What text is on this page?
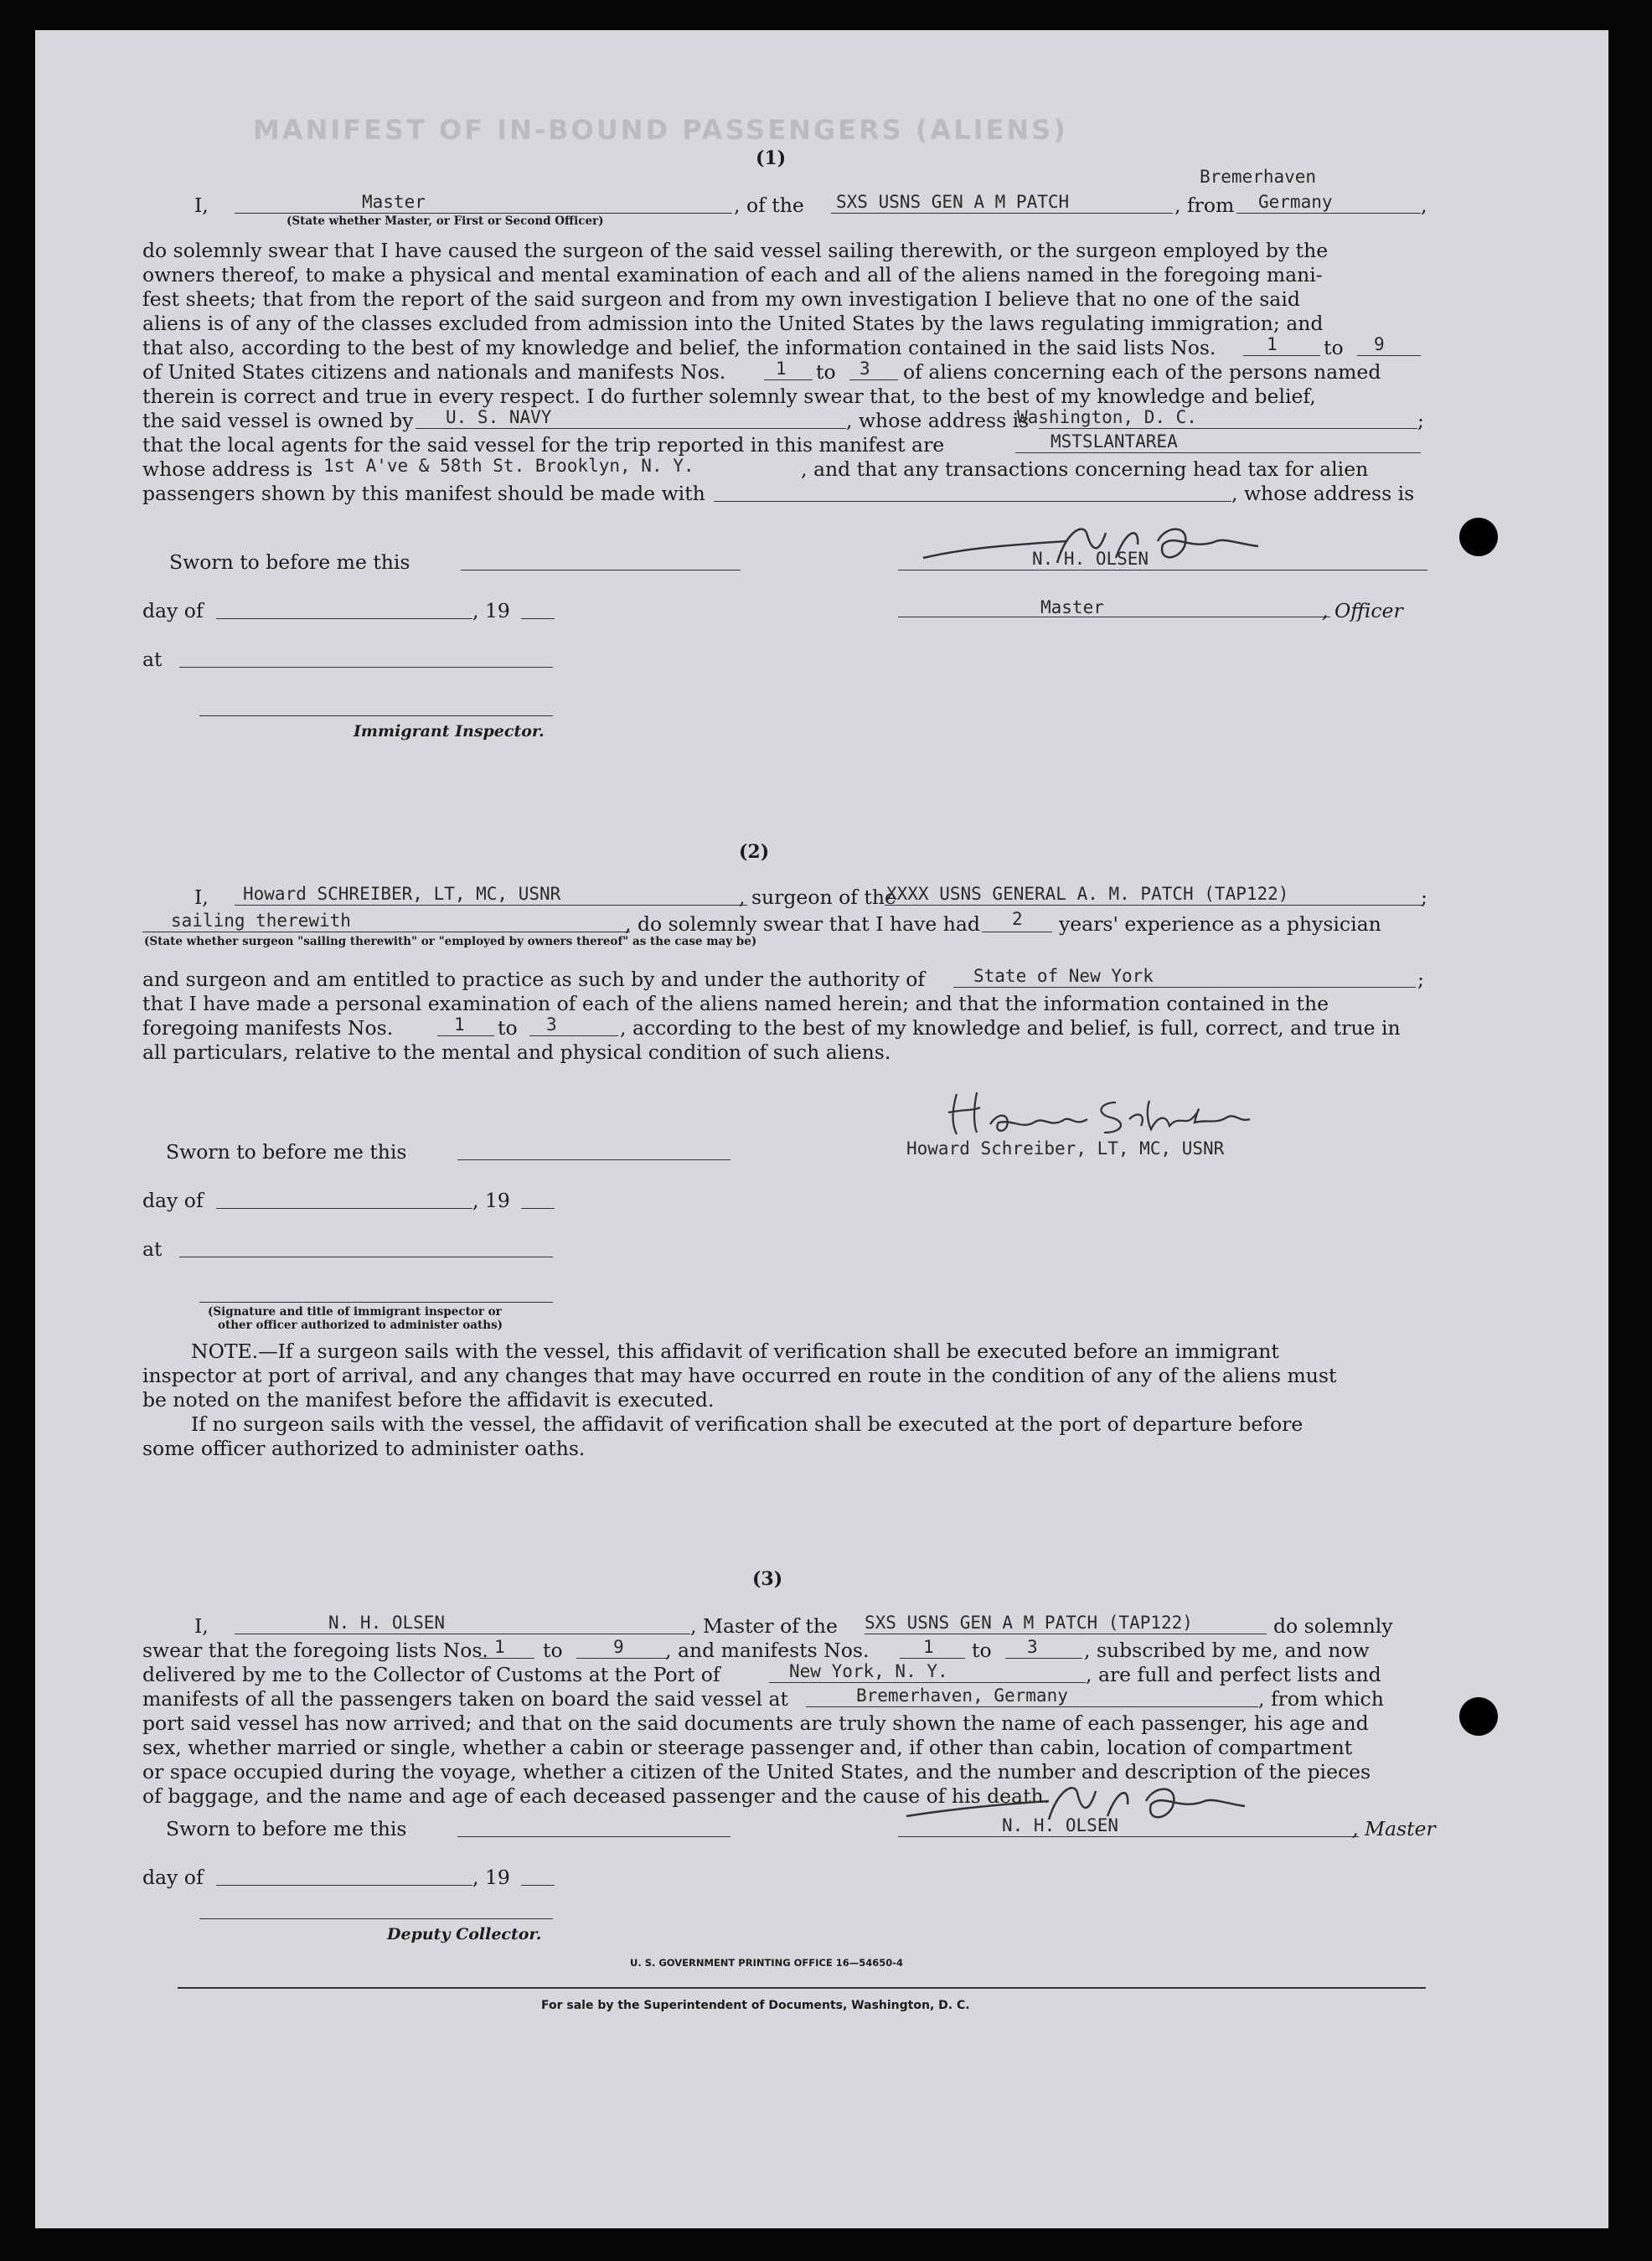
MANIFEST OF IN-BOUND PASSENGERS (ALIENS)
(1)
I,	Master	, of the SXS USNS GEN A M PATCH	, from
Bremerhaven
Germany	,
(State whether Master, or First or Second Officer)
do solemnly swear that I have caused the surgeon of the said vessel sailing therewith, or the surgeon employed by the
owners thereof, to make a physical and mental examination of each and all of the aliens named in the foregoing mani-
fest sheets; that from the report of the said surgeon and from my own investigation I believe that no one of the said
aliens is of any of the classes excluded from admission into the United States by the laws regulating immigration; and
that also, according to the best of my knowledge and belief, the information contained in the said lists Nos.	1 to 9
of United States citizens and nationals and manifests Nos.	1 to 3 of aliens concerning each of the persons named
therein is correct and true in every respect. I do further solemnly swear that, to the best of my knowledge and belief,
the said vessel is owned by U. S. NAVY	, whose address is
Washington, D. C.	;
that the local agents for the said vessel for the trip reported in this manifest are	MSTSLANTAREA
whose address is 1st A've & 58th St. Brooklyn, N. Y.	, and that any transactions concerning head tax for alien
passengers shown by this manifest should be made with	, whose address is
Sworn to before me this	N. H. OLSEN
day of	, 19	Master	, Officer
at
Immigrant Inspector.
(2)
I, Howard SCHREIBER, LT, MC, USNR	, surgeon of the
XXXX USNS GENERAL A. M. PATCH (TAP122)	;
sailing therewith	, do solemnly swear that I have had 2 years' experience as a physician
(State whether surgeon "sailing therewith" or "employed by owners thereof" as the case may be)
and surgeon and am entitled to practice as such by and under the authority of	State of New York	;
that I have made a personal examination of each of the aliens named herein; and that the information contained in the
foregoing manifests Nos.	1 to 3	, according to the best of my knowledge and belief, is full, correct, and true in
all particulars, relative to the mental and physical condition of such aliens.
Sworn to before me this	Howard Schreiber, LT, MC, USNR
day of	, 19
at
(Signature and title of immigrant inspector or
other officer authorized to administer oaths)
NOTE.—If a surgeon sails with the vessel, this affidavit of verification shall be executed before an immigrant
inspector at port of arrival, and any changes that may have occurred en route in the condition of any of the aliens must
be noted on the manifest before the affidavit is executed.
If no surgeon sails with the vessel, the affidavit of verification shall be executed at the port of departure before
some officer authorized to administer oaths.
(3)
I,	N. H. OLSEN	, Master of the SXS USNS GEN A M PATCH (TAP122)	do solemnly
swear that the foregoing lists Nos. 1 to	9 , and manifests Nos.	1 to 3 , subscribed by me, and now
delivered by me to the Collector of Customs at the Port of	New York, N. Y.	, are full and perfect lists and
manifests of all the passengers taken on board the said vessel at	Bremerhaven, Germany	, from which
port said vessel has now arrived; and that on the said documents are truly shown the name of each passenger, his age and
sex, whether married or single, whether a cabin or steerage passenger and, if other than cabin, location of compartment
or space occupied during the voyage, whether a citizen of the United States, and the number and description of the pieces
of baggage, and the name and age of each deceased passenger and the cause of his death.
Sworn to before me this	N. H. OLSEN	, Master
day of	, 19
Deputy Collector.
U. S. GOVERNMENT PRINTING OFFICE 16—54650-4
For sale by the Superintendent of Documents, Washington, D. C.
